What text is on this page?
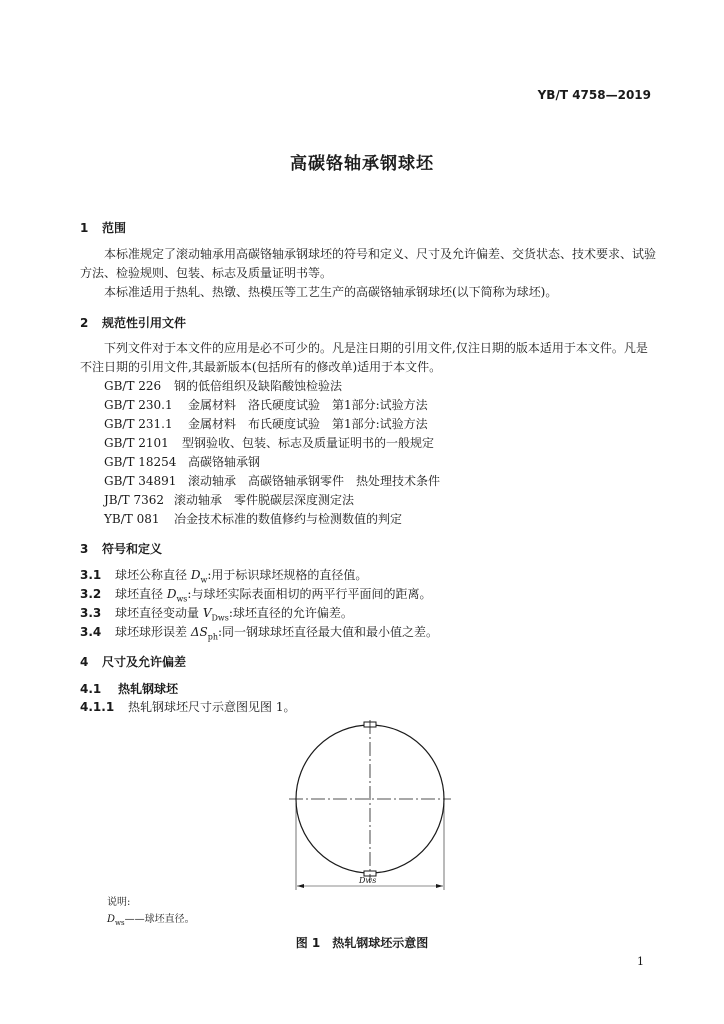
YB/T 4758—2019
高碳铬轴承钢球坯
1 范围
本标准规定了滚动轴承用高碳铬轴承钢球坯的符号和定义、尺寸及允许偏差、交货状态、技术要求、试验方法、检验规则、包装、标志及质量证明书等。
本标准适用于热轧、热镦、热模压等工艺生产的高碳铬轴承钢球坯(以下简称为球坯)。
2 规范性引用文件
下列文件对于本文件的应用是必不可少的。凡是注日期的引用文件,仅注日期的版本适用于本文件。凡是不注日期的引用文件,其最新版本(包括所有的修改单)适用于本文件。
GB/T 226 钢的低倍组织及缺陷酸蚀检验法
GB/T 230.1 金属材料　洛氏硬度试验　第1部分:试验方法
GB/T 231.1 金属材料　布氏硬度试验　第1部分:试验方法
GB/T 2101 型钢验收、包装、标志及质量证明书的一般规定
GB/T 18254 高碳铬轴承钢
GB/T 34891 滚动轴承　高碳铬轴承钢零件　热处理技术条件
JB/T 7362 滚动轴承　零件脱碳层深度测定法
YB/T 081 冶金技术标准的数值修约与检测数值的判定
3 符号和定义
3.1 球坯公称直径 $D_w$:用于标识球坯规格的直径值。
3.2 球坯直径 $D_{ws}$:与球坯实际表面相切的两平行平面间的距离。
3.3 球坯直径变动量 $V_{Dws}$:球坯直径的允许偏差。
3.4 球坯球形误差 $\Delta S_{ph}$:同一钢球球坯直径最大值和最小值之差。
4 尺寸及允许偏差
4.1 热轧钢球坯
4.1.1 热轧钢球坯尺寸示意图见图 1。
Dws
说明:
$D_{ws}——$球坯直径。
图 1　热轧钢球坯示意图
1
